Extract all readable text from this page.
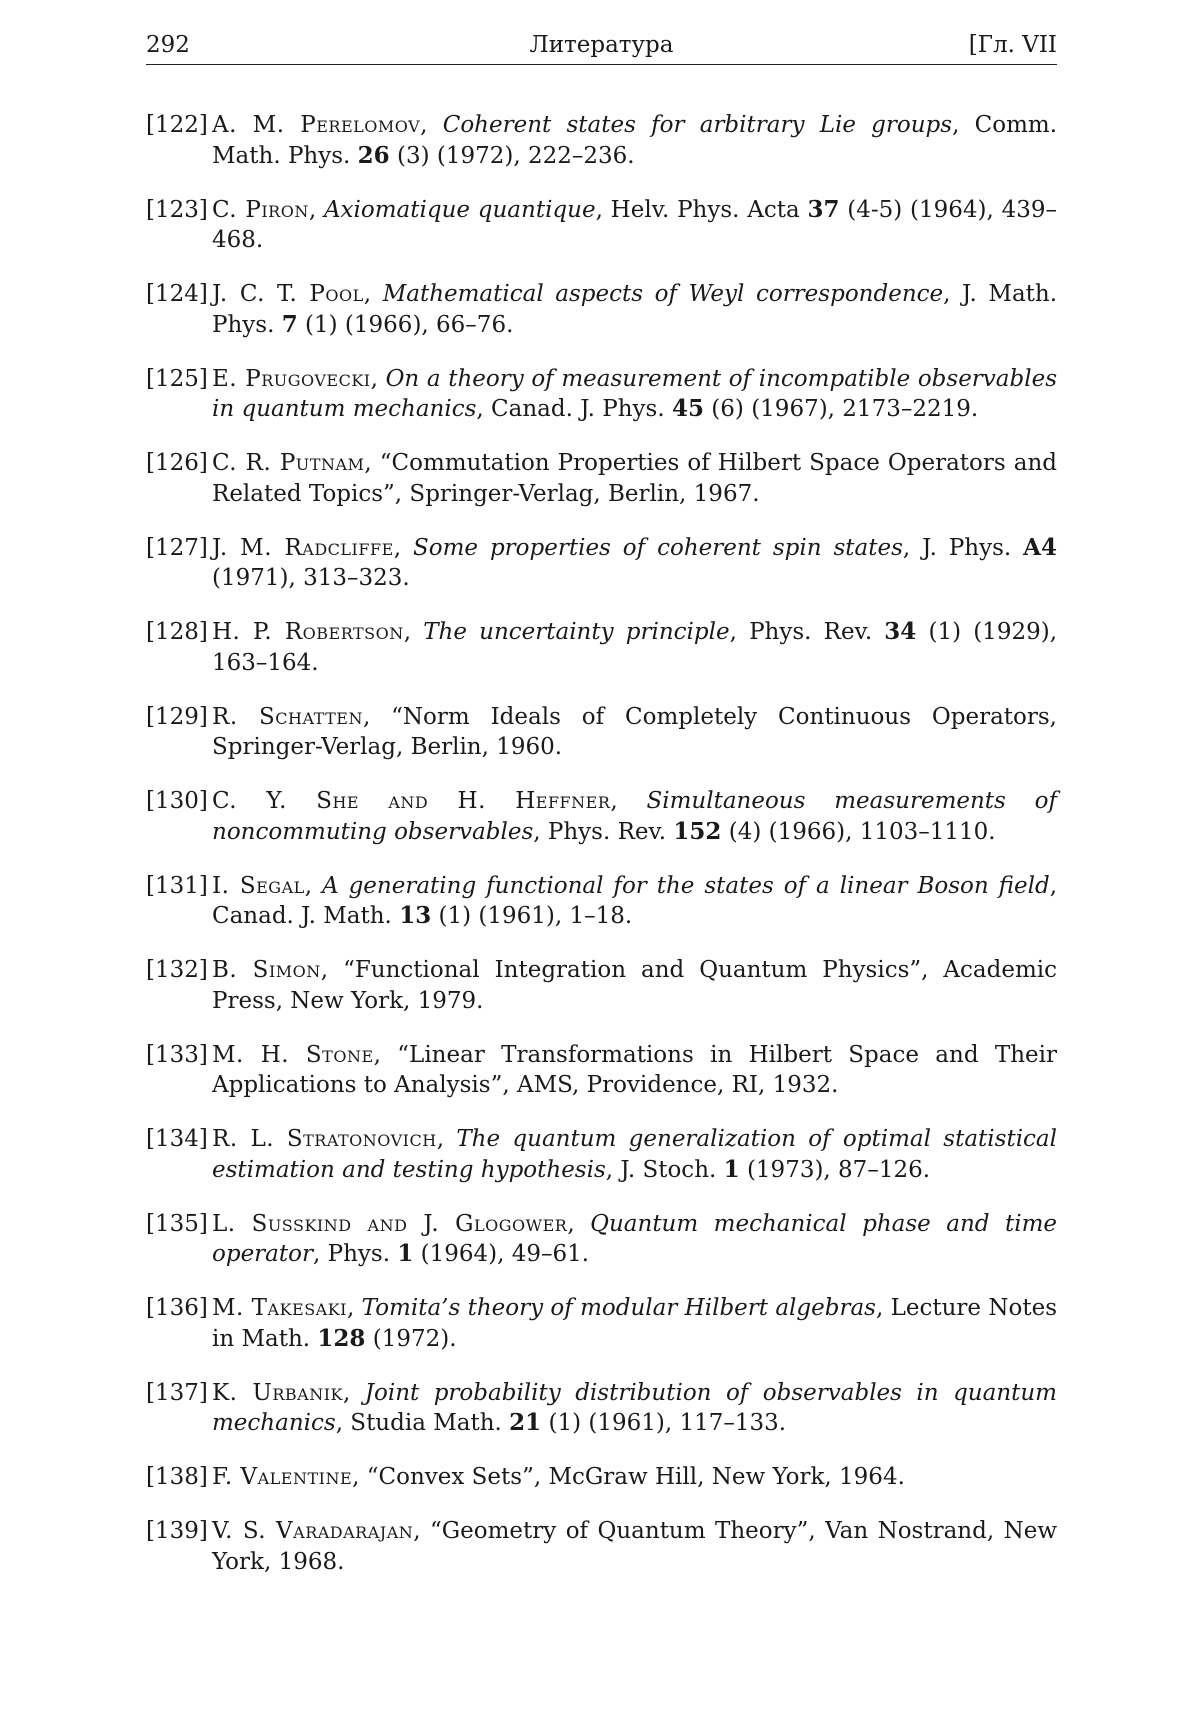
292	Литература	[Гл. VII
[122] A. M. Perelomov, Coherent states for arbitrary Lie groups, Comm. Math. Phys. 26 (3) (1972), 222–236.
[123] C. Piron, Axiomatique quantique, Helv. Phys. Acta 37 (4-5) (1964), 439–468.
[124] J. C. T. Pool, Mathematical aspects of Weyl correspondence, J. Math. Phys. 7 (1) (1966), 66–76.
[125] E. Prugovecki, On a theory of measurement of incompatible observables in quantum mechanics, Canad. J. Phys. 45 (6) (1967), 2173–2219.
[126] C. R. Putnam, “Commutation Properties of Hilbert Space Operators and Related Topics”, Springer-Verlag, Berlin, 1967.
[127] J. M. Radcliffe, Some properties of coherent spin states, J. Phys. A4 (1971), 313–323.
[128] H. P. Robertson, The uncertainty principle, Phys. Rev. 34 (1) (1929), 163–164.
[129] R. Schatten, “Norm Ideals of Completely Continuous Operators, Springer-Verlag, Berlin, 1960.
[130] C. Y. She and H. Heffner, Simultaneous measurements of noncommuting observables, Phys. Rev. 152 (4) (1966), 1103–1110.
[131] I. Segal, A generating functional for the states of a linear Boson field, Canad. J. Math. 13 (1) (1961), 1–18.
[132] B. Simon, “Functional Integration and Quantum Physics”, Academic Press, New York, 1979.
[133] M. H. Stone, “Linear Transformations in Hilbert Space and Their Applications to Analysis”, AMS, Providence, RI, 1932.
[134] R. L. Stratonovich, The quantum generalization of optimal statistical estimation and testing hypothesis, J. Stoch. 1 (1973), 87–126.
[135] L. Susskind and J. Glogower, Quantum mechanical phase and time operator, Phys. 1 (1964), 49–61.
[136] M. Takesaki, Tomita’s theory of modular Hilbert algebras, Lecture Notes in Math. 128 (1972).
[137] K. Urbanik, Joint probability distribution of observables in quantum mechanics, Studia Math. 21 (1) (1961), 117–133.
[138] F. Valentine, “Convex Sets”, McGraw Hill, New York, 1964.
[139] V. S. Varadarajan, “Geometry of Quantum Theory”, Van Nostrand, New York, 1968.
